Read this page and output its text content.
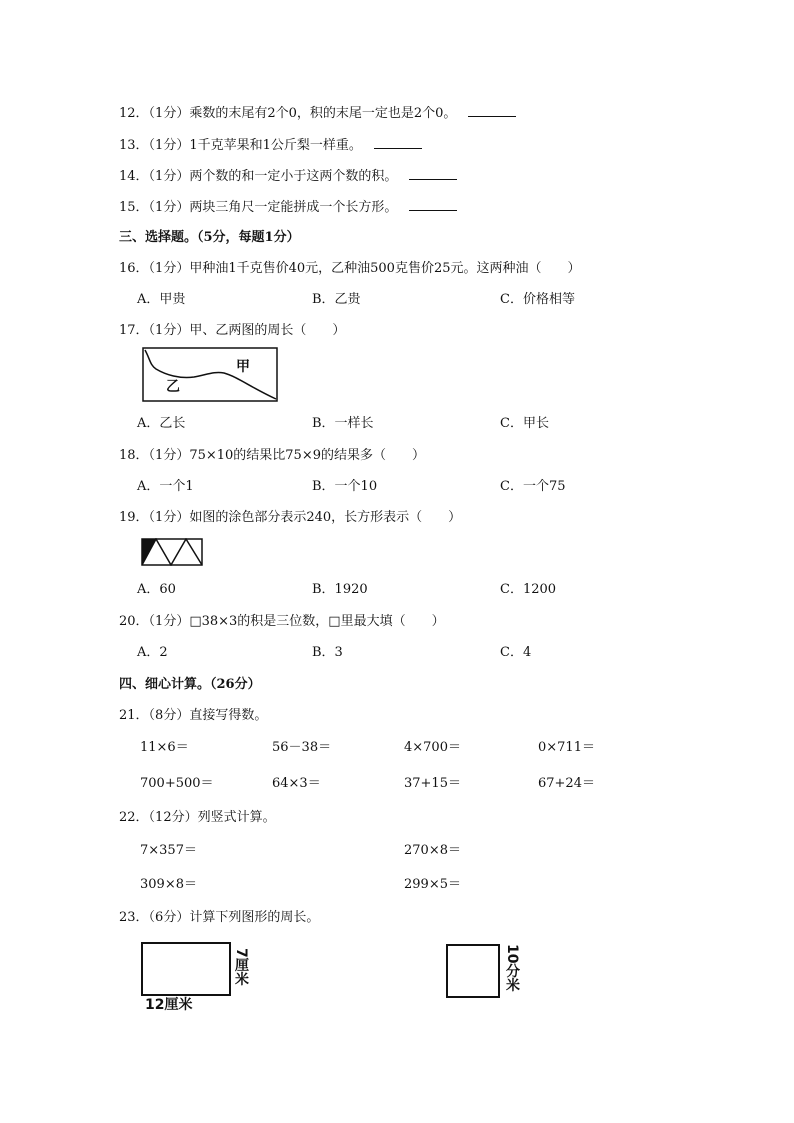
12．（1分）乘数的末尾有2个0，积的末尾一定也是2个0。
13．（1分）1千克苹果和1公斤梨一样重。
14．（1分）两个数的和一定小于这两个数的积。
15．（1分）两块三角尺一定能拼成一个长方形。
三、选择题。（5分，每题1分）
16．（1分）甲种油1千克售价40元，乙种油500克售价25元。这两种油（　　）
A．甲贵	B．乙贵	C．价格相等
17．（1分）甲、乙两图的周长（　　）
甲
乙
A．乙长	B．一样长	C．甲长
18．（1分）75×10的结果比75×9的结果多（　　）
A．一个1	B．一个10	C．一个75
19．（1分）如图的涂色部分表示240，长方形表示（　　）
A．60	B．1920	C．1200
20．（1分）□38×3的积是三位数，□里最大填（　　）
A．2	B．3	C．4
四、细心计算。（26分）
21．（8分）直接写得数。
11×6＝	56－38＝	4×700＝	0×711＝
700+500＝	64×3＝	37+15＝	67+24＝
22．（12分）列竖式计算。
7×357＝	270×8＝
309×8＝	299×5＝
23．（6分）计算下列图形的周长。
7厘米
12厘米
10分米
